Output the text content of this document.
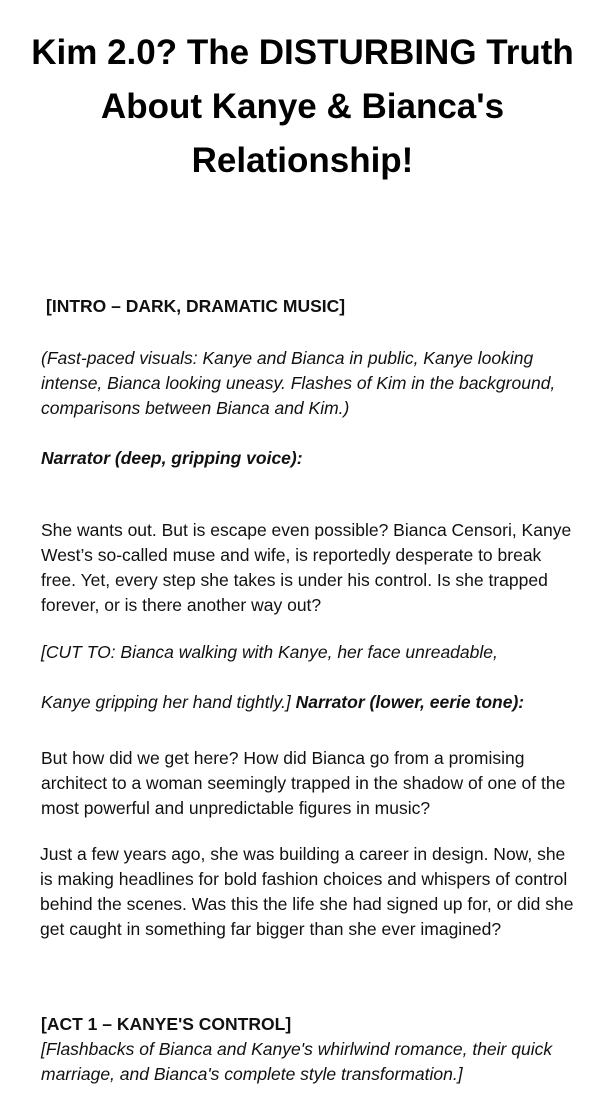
Kim 2.0? The DISTURBING Truth About Kanye & Bianca's Relationship!

[INTRO – DARK, DRAMATIC MUSIC]

(Fast-paced visuals: Kanye and Bianca in public, Kanye looking intense, Bianca looking uneasy. Flashes of Kim in the background, comparisons between Bianca and Kim.)

Narrator (deep, gripping voice):

She wants out. But is escape even possible? Bianca Censori, Kanye West’s so-called muse and wife, is reportedly desperate to break free. Yet, every step she takes is under his control. Is she trapped forever, or is there another way out?

[CUT TO: Bianca walking with Kanye, her face unreadable,

Kanye gripping her hand tightly.] Narrator (lower, eerie tone):

But how did we get here? How did Bianca go from a promising architect to a woman seemingly trapped in the shadow of one of the most powerful and unpredictable figures in music?

Just a few years ago, she was building a career in design. Now, she is making headlines for bold fashion choices and whispers of control behind the scenes. Was this the life she had signed up for, or did she get caught in something far bigger than she ever imagined?

[ACT 1 – KANYE'S CONTROL]

[Flashbacks of Bianca and Kanye's whirlwind romance, their quick marriage, and Bianca's complete style transformation.]
